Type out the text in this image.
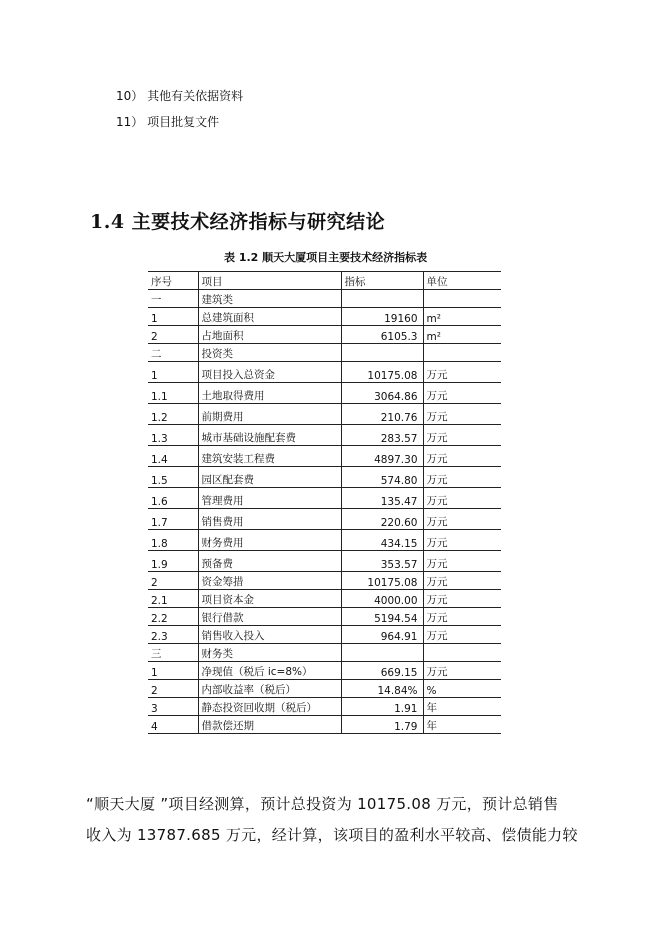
10） 其他有关依据资料
11） 项目批复文件
1.4 主要技术经济指标与研究结论
表 1.2 顺天大厦项目主要技术经济指标表
序号	项目	指标	单位
一	建筑类		
1	总建筑面积	19160	m²
2	占地面积	6105.3	m²
二	投资类		
1	项目投入总资金	10175.08	万元
1.1	土地取得费用	3064.86	万元
1.2	前期费用	210.76	万元
1.3	城市基础设施配套费	283.57	万元
1.4	建筑安装工程费	4897.30	万元
1.5	园区配套费	574.80	万元
1.6	管理费用	135.47	万元
1.7	销售费用	220.60	万元
1.8	财务费用	434.15	万元
1.9	预备费	353.57	万元
2	资金筹措	10175.08	万元
2.1	项目资本金	4000.00	万元
2.2	银行借款	5194.54	万元
2.3	销售收入投入	964.91	万元
三	财务类		
1	净现值（税后 ic=8%）	669.15	万元
2	内部收益率（税后）	14.84%	%
3	静态投资回收期（税后）	1.91	年
4	借款偿还期	1.79	年
“顺天大厦 ”项目经测算，预计总投资为 10175.08 万元，预计总销售
收入为 13787.685 万元，经计算，该项目的盈利水平较高、偿债能力较
